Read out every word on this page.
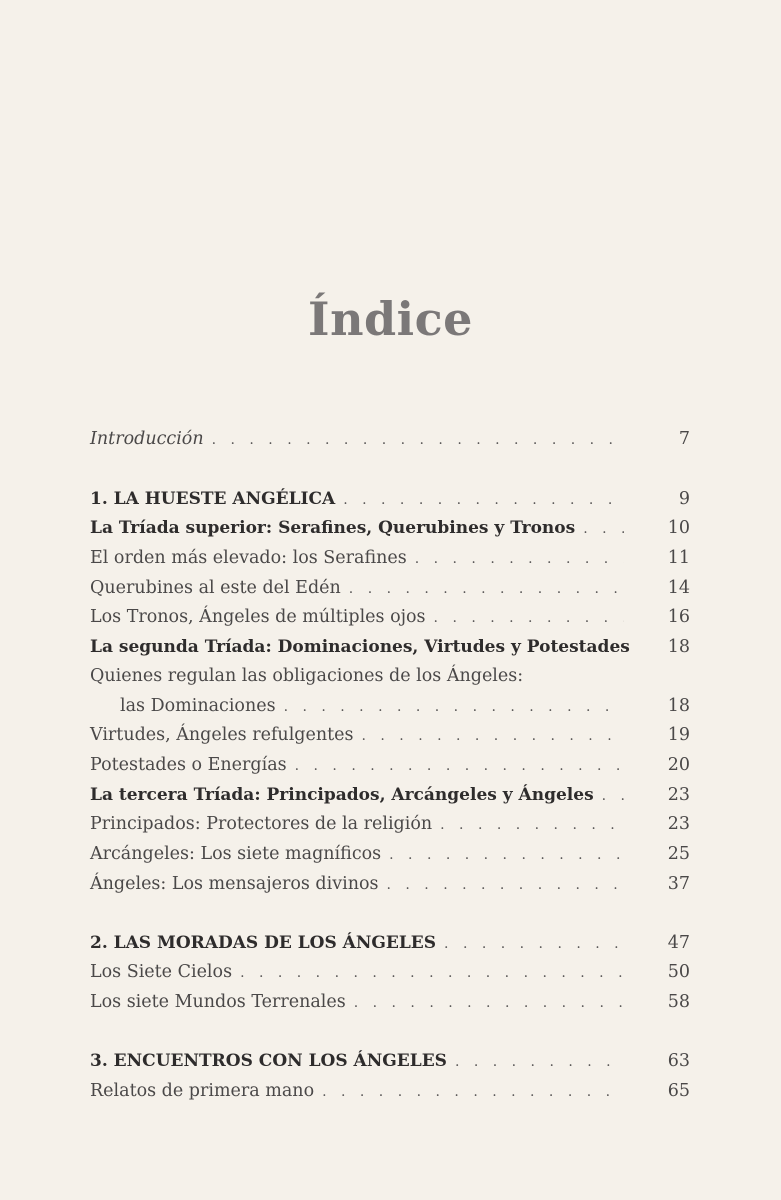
Índice
Introducción . . .	7
1. LA HUESTE ANGÉLICA . . .	9
La Tríada superior: Serafines, Querubines y Tronos . . .	10
El orden más elevado: los Serafines . . .	11
Querubines al este del Edén . . .	14
Los Tronos, Ángeles de múltiples ojos . . .	16
La segunda Tríada: Dominaciones, Virtudes y Potestades	18
Quienes regulan las obligaciones de los Ángeles:
las Dominaciones . . .	18
Virtudes, Ángeles refulgentes . . .	19
Potestades o Energías . . .	20
La tercera Tríada: Principados, Arcángeles y Ángeles . . .	23
Principados: Protectores de la religión . . .	23
Arcángeles: Los siete magníficos . . .	25
Ángeles: Los mensajeros divinos . . .	37
2. LAS MORADAS DE LOS ÁNGELES . . .	47
Los Siete Cielos . . .	50
Los siete Mundos Terrenales . . .	58
3. ENCUENTROS CON LOS ÁNGELES . . .	63
Relatos de primera mano . . .	65
